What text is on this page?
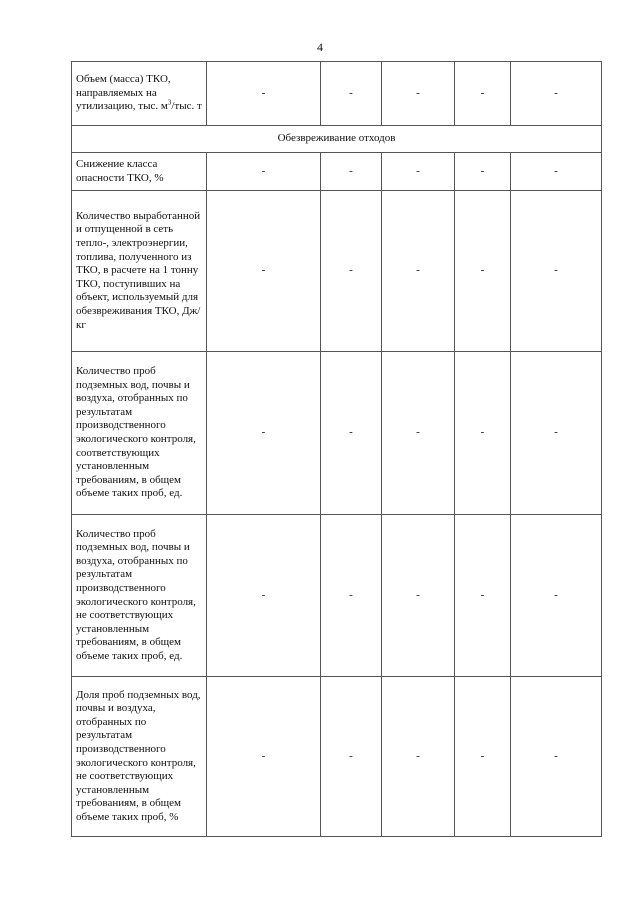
4
Объем (масса) ТКО, направляемых на утилизацию, тыс. $м^3$/тыс. т	-	-	-	-	-
Обезвреживание отходов					
Снижение класса опасности ТКО, %	-	-	-	-	-
Количество выработанной и отпущенной в сеть тепло-, электроэнергии, топлива, полученного из ТКО, в расчете на 1 тонну ТКО, поступивших на объект, используемый для обезвреживания ТКО, Дж/кг	-	-	-	-	-
Количество проб подземных вод, почвы и воздуха, отобранных по результатам производственного экологического контроля, соответствующих установленным требованиям, в общем объеме таких проб, ед.	-	-	-	-	-
Количество проб подземных вод, почвы и воздуха, отобранных по результатам производственного экологического контроля, не соответствующих установленным требованиям, в общем объеме таких проб, ед.	-	-	-	-	-
Доля проб подземных вод, почвы и воздуха, отобранных по результатам производственного экологического контроля, не соответствующих установленным требованиям, в общем объеме таких проб, %	-	-	-	-	-
